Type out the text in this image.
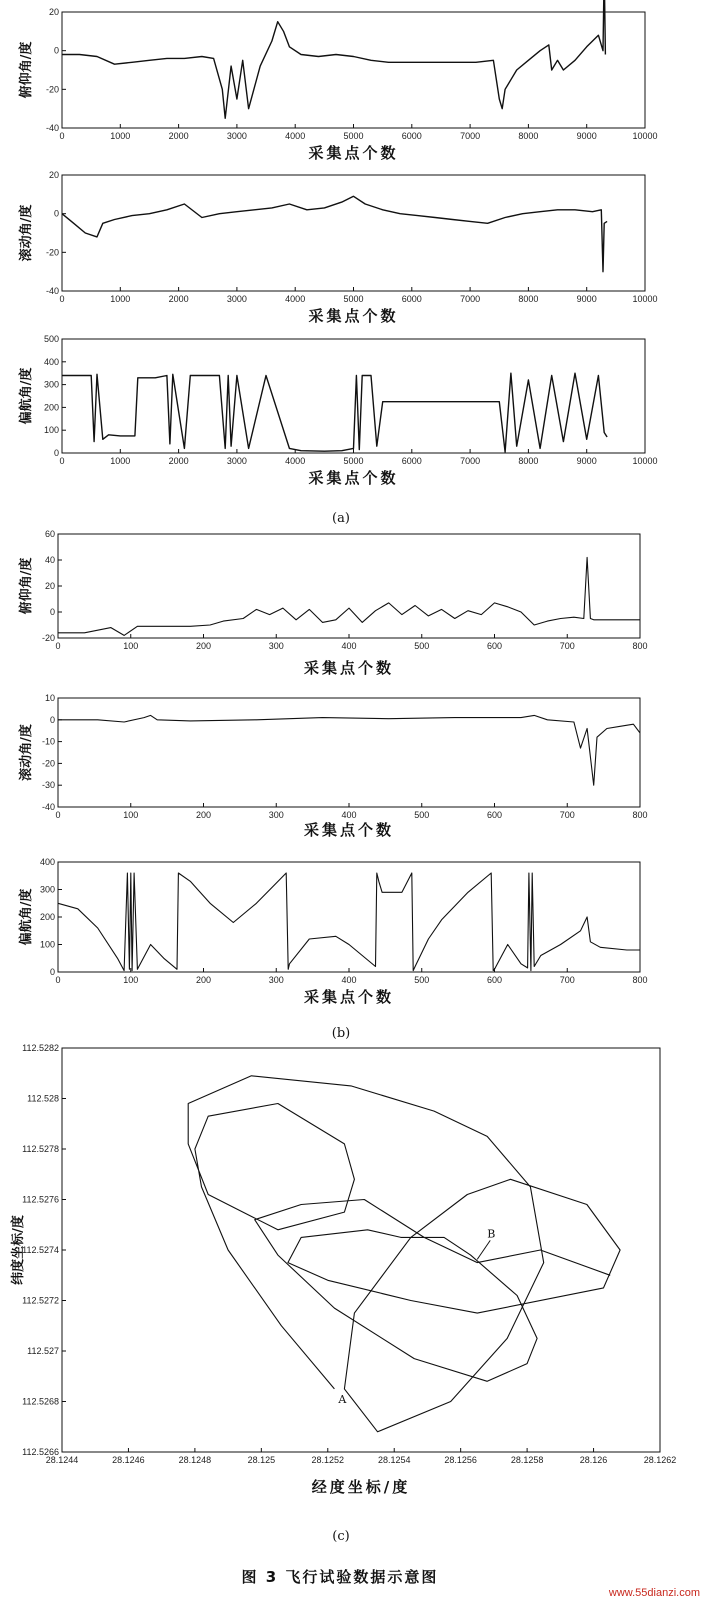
0	1000	2000	3000	4000	5000	6000	7000	8000	9000	10000
20
0
-20
-40
采集点个数
俯仰角/度
0	1000	2000	3000	4000	5000	6000	7000	8000	9000	10000
20
0
-20
-40
采集点个数
滚动角/度
0	1000	2000	3000	4000	5000	6000	7000	8000	9000	10000
500
400
300
200
100
0
采集点个数
偏航角/度
0	100	200	300	400	500	600	700	800
60
40
20
0
-20
采集点个数
俯仰角/度
0	100	200	300	400	500	600	700	800
10
0
-10
-20
-30
-40
采集点个数
滚动角/度
0	100	200	300	400	500	600	700	800
400
300
200
100
0
采集点个数
偏航角/度
28.1244	28.1246	28.1248	28.125	28.1252	28.1254	28.1256	28.1258	28.126	28.1262
112.5282
112.528
112.5278
112.5276
112.5274
112.5272
112.527
112.5268
112.5266
经度坐标/度
纬度坐标/度
A
B
(a)
(b)
(c)
图 3 飞行试验数据示意图
www.55dianzi.com
